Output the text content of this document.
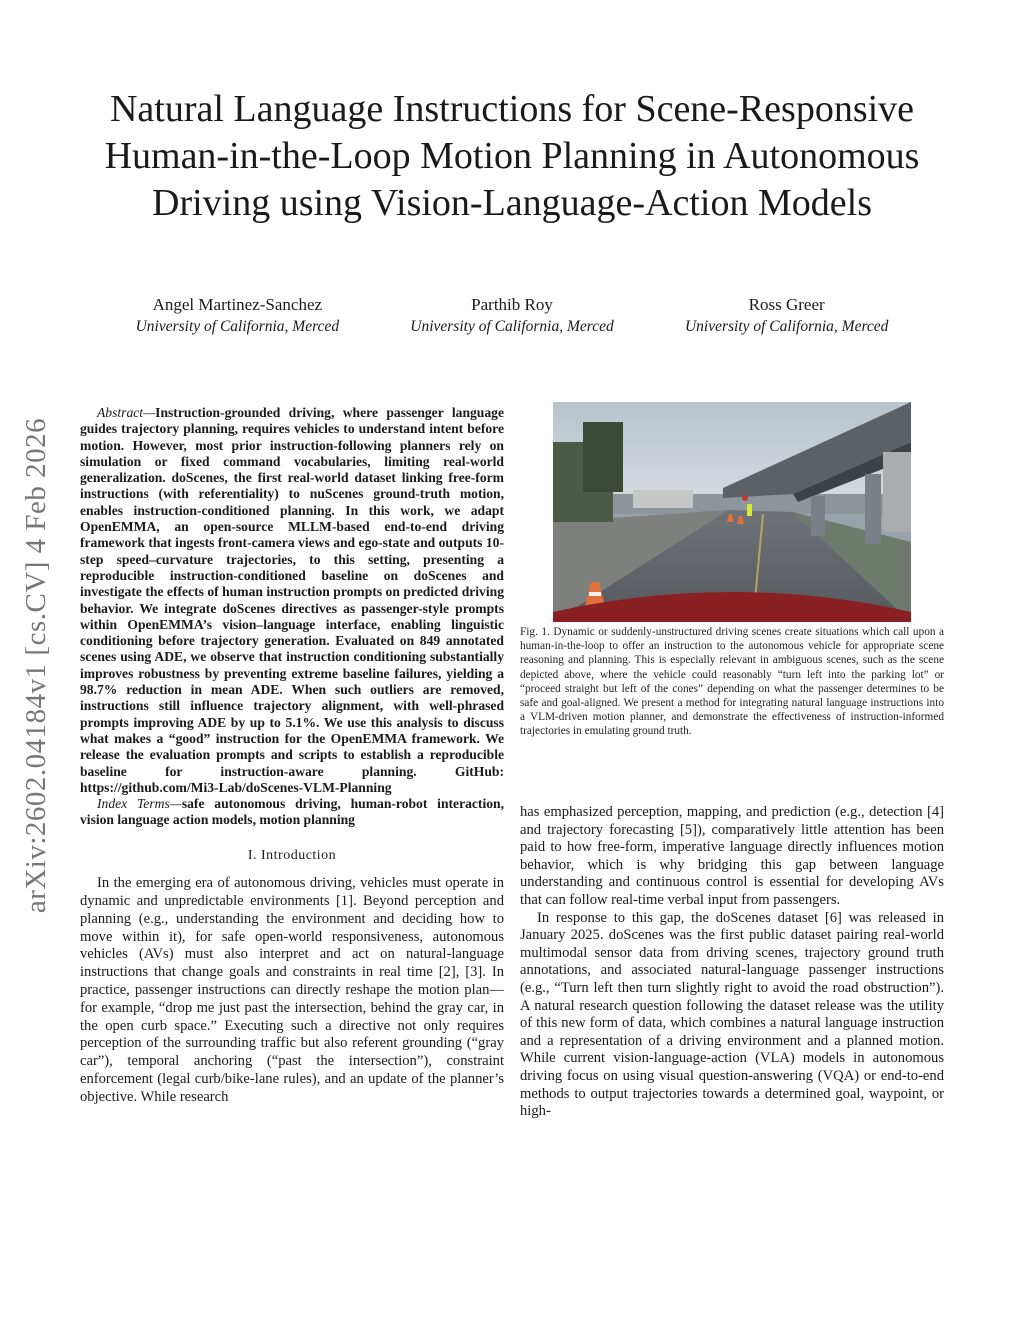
arXiv:2602.04184v1 [cs.CV] 4 Feb 2026
Natural Language Instructions for Scene-Responsive Human-in-the-Loop Motion Planning in Autonomous Driving using Vision-Language-Action Models
Angel Martinez-Sanchez
University of California, Merced
Parthib Roy
University of California, Merced
Ross Greer
University of California, Merced

Abstract—Instruction-grounded driving, where passenger language guides trajectory planning, requires vehicles to understand intent before motion. However, most prior instruction-following planners rely on simulation or fixed command vocabularies, limiting real-world generalization. doScenes, the first real-world dataset linking free-form instructions (with referentiality) to nuScenes ground-truth motion, enables instruction-conditioned planning. In this work, we adapt OpenEMMA, an open-source MLLM-based end-to-end driving framework that ingests front-camera views and ego-state and outputs 10-step speed–curvature trajectories, to this setting, presenting a reproducible instruction-conditioned baseline on doScenes and investigate the effects of human instruction prompts on predicted driving behavior. We integrate doScenes directives as passenger-style prompts within OpenEMMA’s vision–language interface, enabling linguistic conditioning before trajectory generation. Evaluated on 849 annotated scenes using ADE, we observe that instruction conditioning substantially improves robustness by preventing extreme baseline failures, yielding a 98.7% reduction in mean ADE. When such outliers are removed, instructions still influence trajectory alignment, with well-phrased prompts improving ADE by up to 5.1%. We use this analysis to discuss what makes a “good” instruction for the OpenEMMA framework. We release the evaluation prompts and scripts to establish a reproducible baseline for instruction-aware planning. GitHub: https://github.com/Mi3-Lab/doScenes-VLM-Planning

Index Terms—safe autonomous driving, human-robot interaction, vision language action models, motion planning

I. Introduction

In the emerging era of autonomous driving, vehicles must operate in dynamic and unpredictable environments [1]. Beyond perception and planning (e.g., understanding the environment and deciding how to move within it), for safe open-world responsiveness, autonomous vehicles (AVs) must also interpret and act on natural-language instructions that change goals and constraints in real time [2], [3]. In practice, passenger instructions can directly reshape the motion plan—for example, “drop me just past the intersection, behind the gray car, in the open curb space.” Executing such a directive not only requires perception of the surrounding traffic but also referent grounding (“gray car”), temporal anchoring (“past the intersection”), constraint enforcement (legal curb/bike-lane rules), and an update of the planner’s objective. While research

Fig. 1. Dynamic or suddenly-unstructured driving scenes create situations which call upon a human-in-the-loop to offer an instruction to the autonomous vehicle for appropriate scene reasoning and planning. This is especially relevant in ambiguous scenes, such as the scene depicted above, where the vehicle could reasonably “turn left into the parking lot” or “proceed straight but left of the cones” depending on what the passenger determines to be safe and goal-aligned. We present a method for integrating natural language instructions into a VLM-driven motion planner, and demonstrate the effectiveness of instruction-informed trajectories in emulating ground truth.

has emphasized perception, mapping, and prediction (e.g., detection [4] and trajectory forecasting [5]), comparatively little attention has been paid to how free-form, imperative language directly influences motion behavior, which is why bridging this gap between language understanding and continuous control is essential for developing AVs that can follow real-time verbal input from passengers.

In response to this gap, the doScenes dataset [6] was released in January 2025. doScenes was the first public dataset pairing real-world multimodal sensor data from driving scenes, trajectory ground truth annotations, and associated natural-language passenger instructions (e.g., “Turn left then turn slightly right to avoid the road obstruction”). A natural research question following the dataset release was the utility of this new form of data, which combines a natural language instruction and a representation of a driving environment and a planned motion. While current vision-language-action (VLA) models in autonomous driving focus on using visual question-answering (VQA) or end-to-end methods to output trajectories towards a determined goal, waypoint, or high-
